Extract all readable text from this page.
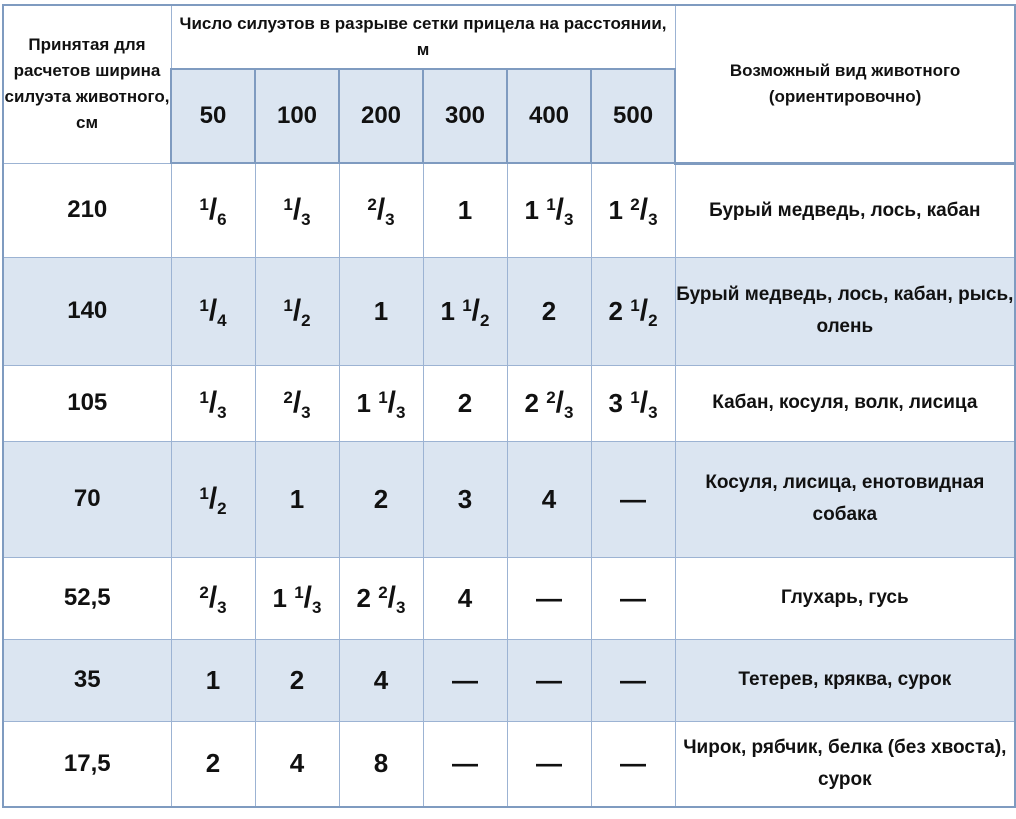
Принятая для расчетов ширина силуэта животного, см	Число силуэтов в разрыве сетки прицела на расстоянии, м						Возможный вид животного (ориентировочно)
	50	100	200	300	400	500	
210	$^1/_6$	$^1/_3$	$^2/_3$	1	1 $^1/_3$	1 $^2/_3$	Бурый медведь, лось, кабан
140	$^1/_4$	$^1/_2$	1	1 $^1/_2$	2	2 $^1/_2$	Бурый медведь, лось, кабан, рысь, олень
105	$^1/_3$	$^2/_3$	1 $^1/_3$	2	2 $^2/_3$	3 $^1/_3$	Кабан, косуля, волк, лисица
70	$^1/_2$	1	2	3	4	—	Косуля, лисица, енотовидная собака
52,5	$^2/_3$	1 $^1/_3$	2 $^2/_3$	4	—	—	Глухарь, гусь
35	1	2	4	—	—	—	Тетерев, кряква, сурок
17,5	2	4	8	—	—	—	Чирок, рябчик, белка (без хвоста), сурок
